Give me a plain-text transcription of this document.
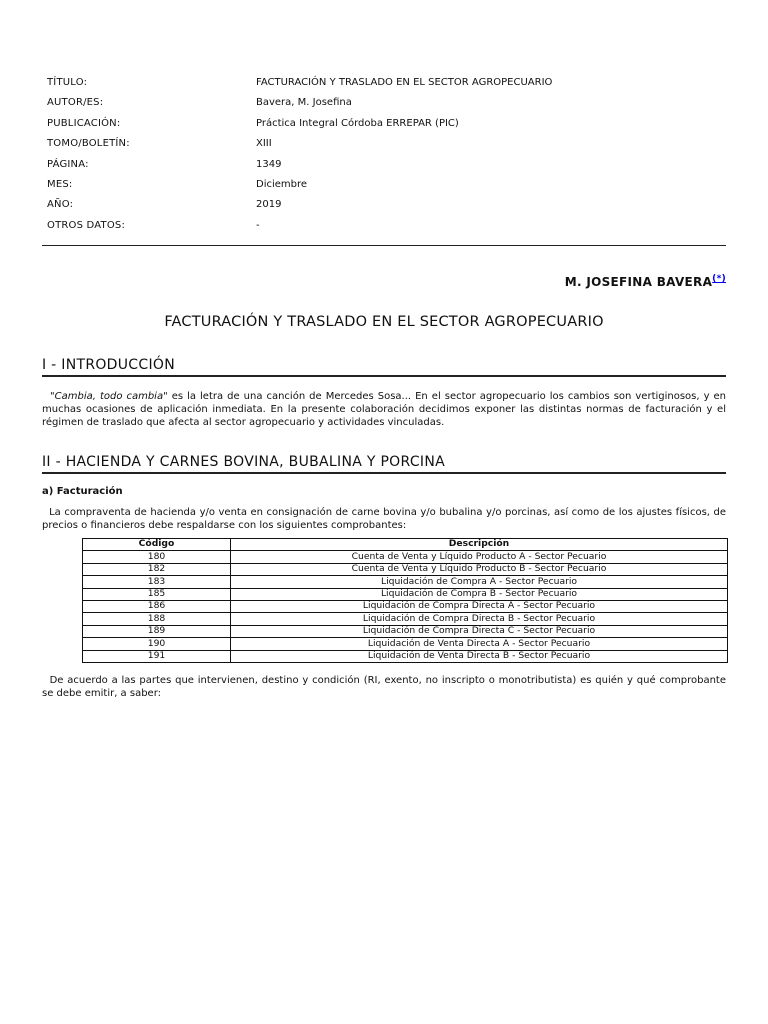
TÍTULO:	FACTURACIÓN Y TRASLADO EN EL SECTOR AGROPECUARIO
AUTOR/ES:	Bavera, M. Josefina
PUBLICACIÓN:	Práctica Integral Córdoba ERREPAR (PIC)
TOMO/BOLETÍN:	XIII
PÁGINA:	1349
MES:	Diciembre
AÑO:	2019
OTROS DATOS:	-
M. JOSEFINA BAVERA(*)
FACTURACIÓN Y TRASLADO EN EL SECTOR AGROPECUARIO
I - INTRODUCCIÓN
"Cambia, todo cambia" es la letra de una canción de Mercedes Sosa... En el sector agropecuario los cambios son vertiginosos, y en muchas ocasiones de aplicación inmediata. En la presente colaboración decidimos exponer las distintas normas de facturación y el régimen de traslado que afecta al sector agropecuario y actividades vinculadas.
II - HACIENDA Y CARNES BOVINA, BUBALINA Y PORCINA
a) Facturación
La compraventa de hacienda y/o venta en consignación de carne bovina y/o bubalina y/o porcinas, así como de los ajustes físicos, de precios o financieros debe respaldarse con los siguientes comprobantes:
Código	Descripción
180	Cuenta de Venta y Líquido Producto A - Sector Pecuario
182	Cuenta de Venta y Líquido Producto B - Sector Pecuario
183	Liquidación de Compra A - Sector Pecuario
185	Liquidación de Compra B - Sector Pecuario
186	Liquidación de Compra Directa A - Sector Pecuario
188	Liquidación de Compra Directa B - Sector Pecuario
189	Liquidación de Compra Directa C - Sector Pecuario
190	Liquidación de Venta Directa A - Sector Pecuario
191	Liquidación de Venta Directa B - Sector Pecuario
De acuerdo a las partes que intervienen, destino y condición (RI, exento, no inscripto o monotributista) es quién y qué comprobante se debe emitir, a saber:
